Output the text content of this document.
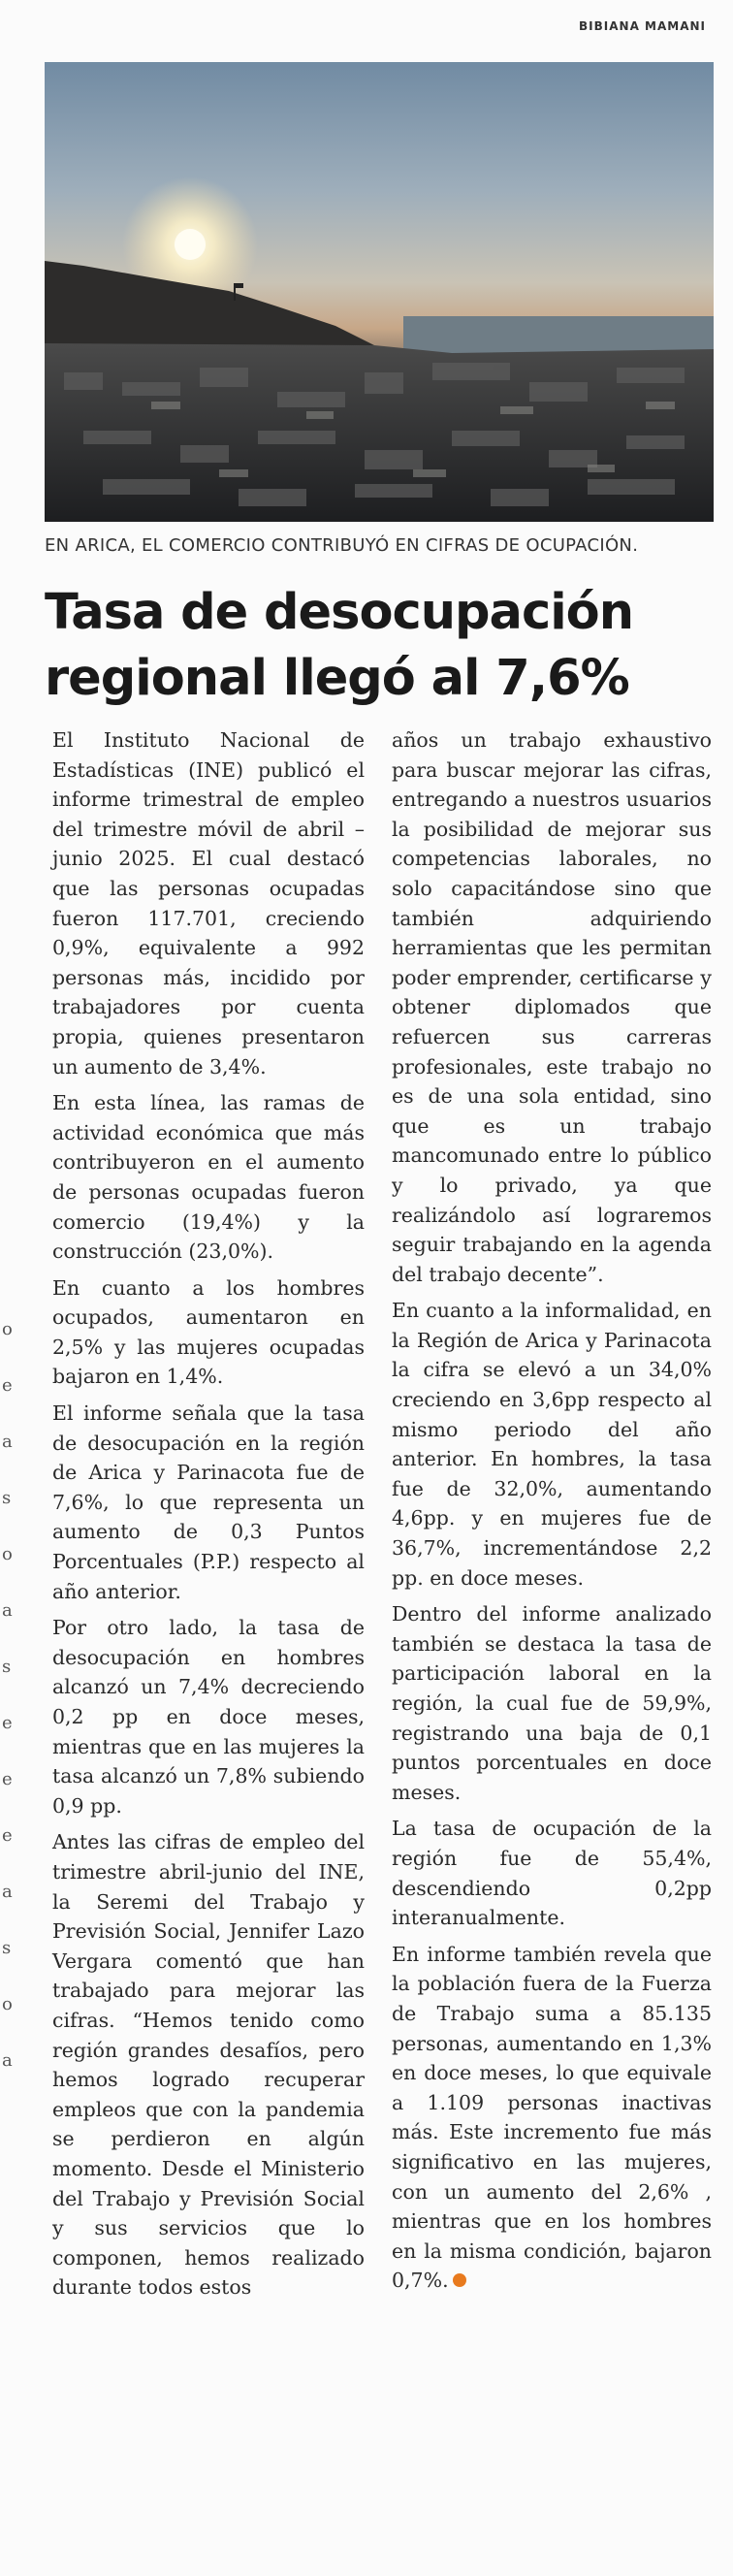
BIBIANA MAMANI
EN ARICA, EL COMERCIO CONTRIBUYÓ EN CIFRAS DE OCUPACIÓN.
Tasa de desocupación
regional llegó al 7,6%

El Instituto Nacional de Estadísticas (INE) publicó el informe trimestral de empleo del trimestre móvil de abril – junio 2025. El cual destacó que las personas ocupadas fueron 117.701, creciendo 0,9%, equivalente a 992 personas más, incidido por trabajadores por cuenta propia, quienes presentaron un aumento de 3,4%.

En esta línea, las ramas de actividad económica que más contribuyeron en el aumento de personas ocupadas fueron comercio (19,4%) y la construcción (23,0%).

En cuanto a los hombres ocupados, aumentaron en 2,5% y las mujeres ocupadas bajaron en 1,4%.

El informe señala que la tasa de desocupación en la región de Arica y Parinacota fue de 7,6%, lo que representa un aumento de 0,3 Puntos Porcentuales (P.P.) respecto al año anterior.

Por otro lado, la tasa de desocupación en hombres alcanzó un 7,4% decreciendo 0,2 pp en doce meses, mientras que en las mujeres la tasa alcanzó un 7,8% subiendo 0,9 pp.

Antes las cifras de empleo del trimestre abril-junio del INE, la Seremi del Trabajo y Previsión Social, Jennifer Lazo Vergara comentó que han trabajado para mejorar las cifras. “Hemos tenido como región grandes desafíos, pero hemos logrado recuperar empleos que con la pandemia se perdieron en algún momento. Desde el Ministerio del Trabajo y Previsión Social y sus servicios que lo componen, hemos realizado durante todos estos

años un trabajo exhaustivo para buscar mejorar las cifras, entregando a nuestros usuarios la posibilidad de mejorar sus competencias laborales, no solo capacitándose sino que también adquiriendo herramientas que les permitan poder emprender, certificarse y obtener diplomados que refuercen sus carreras profesionales, este trabajo no es de una sola entidad, sino que es un trabajo mancomunado entre lo público y lo privado, ya que realizándolo así lograremos seguir trabajando en la agenda del trabajo decente”.

En cuanto a la informalidad, en la Región de Arica y Parinacota la cifra se elevó a un 34,0% creciendo en 3,6pp respecto al mismo periodo del año anterior. En hombres, la tasa fue de 32,0%, aumentando 4,6pp. y en mujeres fue de 36,7%, incrementándose 2,2 pp. en doce meses.

Dentro del informe analizado también se destaca la tasa de participación laboral en la región, la cual fue de 59,9%, registrando una baja de 0,1 puntos porcentuales en doce meses.

La tasa de ocupación de la región fue de 55,4%, descendiendo 0,2pp interanualmente.

En informe también revela que la población fuera de la Fuerza de Trabajo suma a 85.135 personas, aumentando en 1,3% en doce meses, lo que equivale a 1.109 personas inactivas más. Este incremento fue más significativo en las mujeres, con un aumento del 2,6% , mientras que en los hombres en la misma condición, bajaron 0,7%.

o
e
a
s
o
a
s
e
e
e
a
s
o
a
